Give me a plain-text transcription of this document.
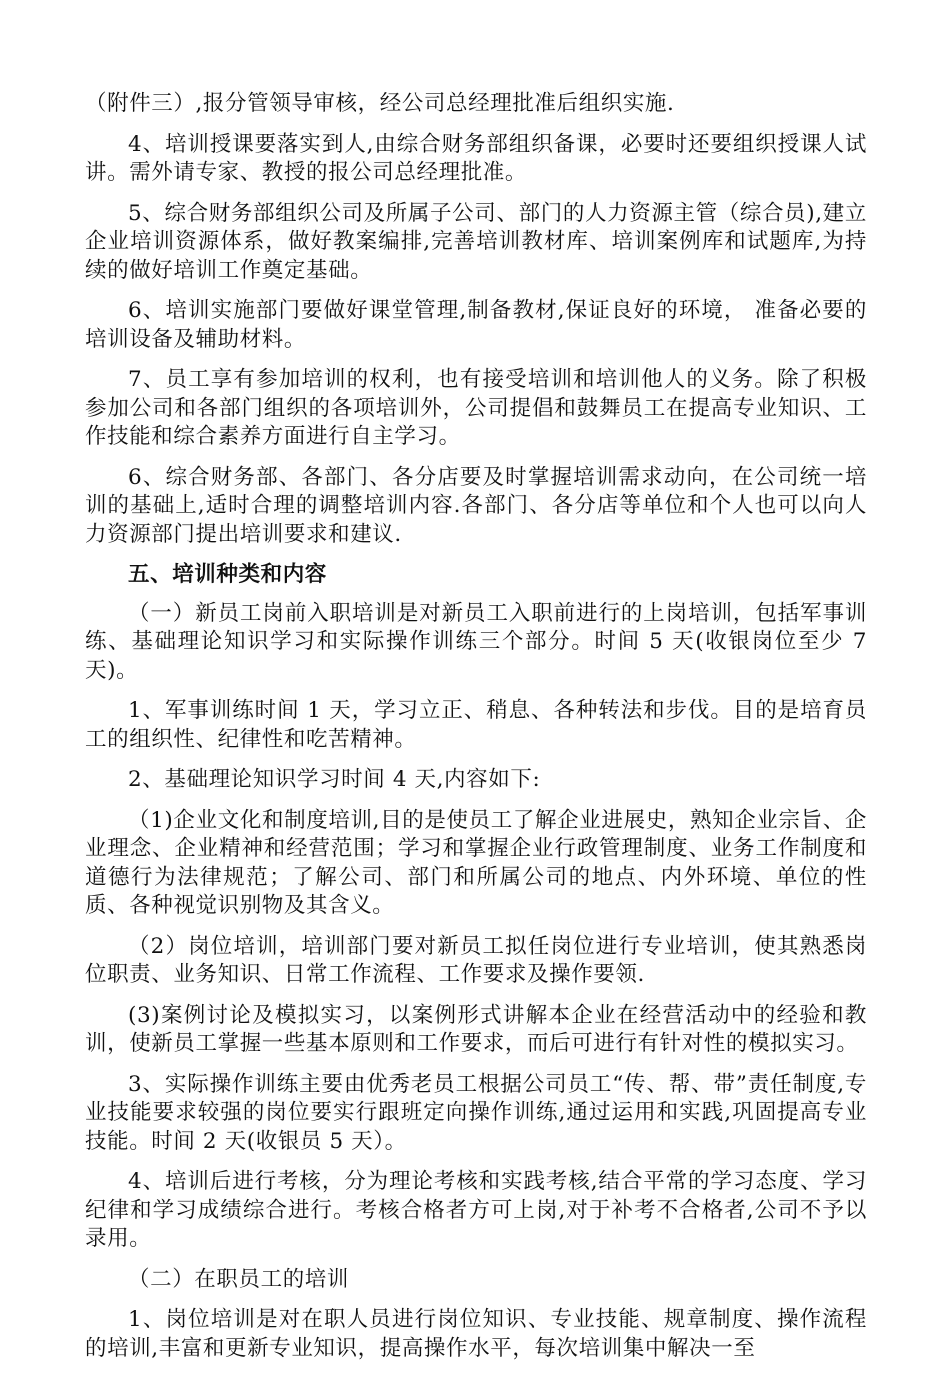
（附件三）,报分管领导审核，经公司总经理批准后组织实施.

4、培训授课要落实到人,由综合财务部组织备课，必要时还要组织授课人试讲。需外请专家、教授的报公司总经理批准。

5、综合财务部组织公司及所属子公司、部门的人力资源主管（综合员),建立企业培训资源体系，做好教案编排,完善培训教材库、培训案例库和试题库,为持续的做好培训工作奠定基础。

6、培训实施部门要做好课堂管理,制备教材,保证良好的环境， 准备必要的培训设备及辅助材料。

7、员工享有参加培训的权利，也有接受培训和培训他人的义务。除了积极参加公司和各部门组织的各项培训外，公司提倡和鼓舞员工在提高专业知识、工作技能和综合素养方面进行自主学习。

6、综合财务部、各部门、各分店要及时掌握培训需求动向，在公司统一培训的基础上,适时合理的调整培训内容.各部门、各分店等单位和个人也可以向人力资源部门提出培训要求和建议.

五、培训种类和内容

（一）新员工岗前入职培训是对新员工入职前进行的上岗培训，包括军事训练、基础理论知识学习和实际操作训练三个部分。时间 5 天(收银岗位至少 7 天)。

1、军事训练时间 1 天，学习立正、稍息、各种转法和步伐。目的是培育员工的组织性、纪律性和吃苦精神。

2、基础理论知识学习时间 4 天,内容如下:

（1)企业文化和制度培训,目的是使员工了解企业进展史，熟知企业宗旨、企业理念、企业精神和经营范围；学习和掌握企业行政管理制度、业务工作制度和道德行为法律规范；了解公司、部门和所属公司的地点、内外环境、单位的性质、各种视觉识别物及其含义。

（2）岗位培训，培训部门要对新员工拟任岗位进行专业培训，使其熟悉岗位职责、业务知识、日常工作流程、工作要求及操作要领.

(3)案例讨论及模拟实习，以案例形式讲解本企业在经营活动中的经验和教训，使新员工掌握一些基本原则和工作要求，而后可进行有针对性的模拟实习。

3、实际操作训练主要由优秀老员工根据公司员工“传、帮、带”责任制度,专业技能要求较强的岗位要实行跟班定向操作训练,通过运用和实践,巩固提高专业技能。时间 2 天(收银员 5 天）。

4、培训后进行考核，分为理论考核和实践考核,结合平常的学习态度、学习纪律和学习成绩综合进行。考核合格者方可上岗,对于补考不合格者,公司不予以录用。

（二）在职员工的培训

1、岗位培训是对在职人员进行岗位知识、专业技能、规章制度、操作流程的培训,丰富和更新专业知识，提高操作水平，每次培训集中解决一至
